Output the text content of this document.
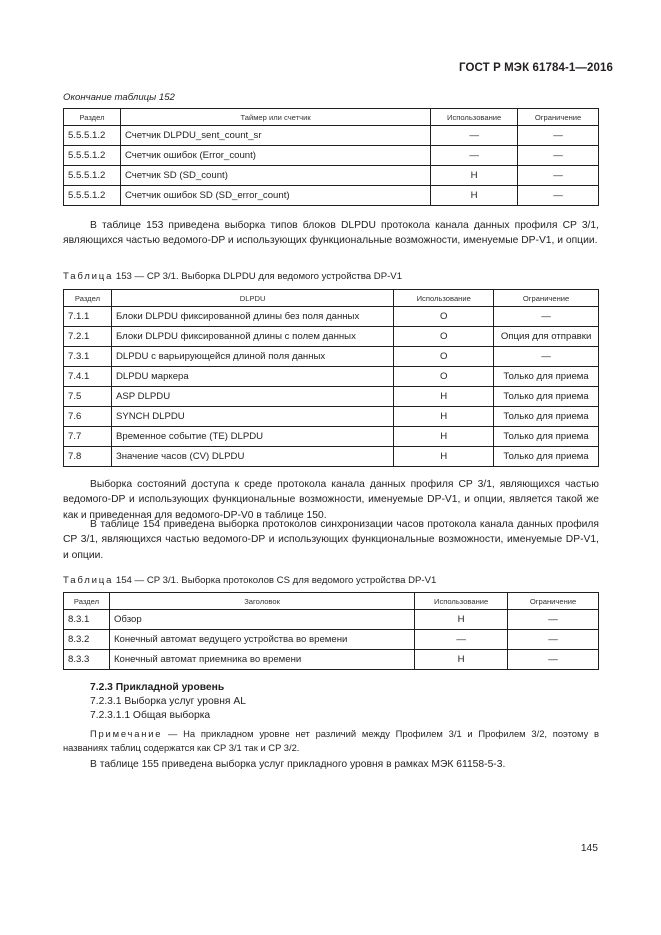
ГОСТ Р МЭК 61784-1—2016
Окончание таблицы 152
Раздел	Таймер или счетчик	Использование	Ограничение
5.5.5.1.2	Счетчик DLPDU_sent_count_sr	—	—
5.5.5.1.2	Счетчик ошибок (Error_count)	—	—
5.5.5.1.2	Счетчик SD (SD_count)	Н	—
5.5.5.1.2	Счетчик ошибок SD (SD_error_count)	Н	—
В таблице 153 приведена выборка типов блоков DLPDU протокола канала данных профиля CP 3/1, являющихся частью ведомого-DP и использующих функциональные возможности, именуемые DP-V1, и опции.
Таблица 153 — CP 3/1. Выборка DLPDU для ведомого устройства DP-V1
Раздел	DLPDU	Использование	Ограничение
7.1.1	Блоки DLPDU фиксированной длины без поля данных	О	—
7.2.1	Блоки DLPDU фиксированной длины с полем данных	О	Опция для отправки
7.3.1	DLPDU с варьирующейся длиной поля данных	О	—
7.4.1	DLPDU маркера	О	Только для приема
7.5	ASP DLPDU	Н	Только для приема
7.6	SYNCH DLPDU	Н	Только для приема
7.7	Временное событие (TE) DLPDU	Н	Только для приема
7.8	Значение часов (CV) DLPDU	Н	Только для приема
Выборка состояний доступа к среде протокола канала данных профиля CP 3/1, являющихся частью ведомого-DP и использующих функциональные возможности, именуемые DP-V1, и опции, является такой же как и приведенная для ведомого-DP-V0 в таблице 150.
В таблице 154 приведена выборка протоколов синхронизации часов протокола канала данных профиля CP 3/1, являющихся частью ведомого-DP и использующих функциональные возможности, именуемые DP-V1, и опции.
Таблица 154 — CP 3/1. Выборка протоколов CS для ведомого устройства DP-V1
Раздел	Заголовок	Использование	Ограничение
8.3.1	Обзор	Н	—
8.3.2	Конечный автомат ведущего устройства во времени	—	—
8.3.3	Конечный автомат приемника во времени	Н	—
7.2.3 Прикладной уровень
7.2.3.1 Выборка услуг уровня AL
7.2.3.1.1 Общая выборка
Примечание — На прикладном уровне нет различий между Профилем 3/1 и Профилем 3/2, поэтому в названиях таблиц содержатся как CP 3/1 так и CP 3/2.
В таблице 155 приведена выборка услуг прикладного уровня в рамках МЭК 61158-5-3.
145
